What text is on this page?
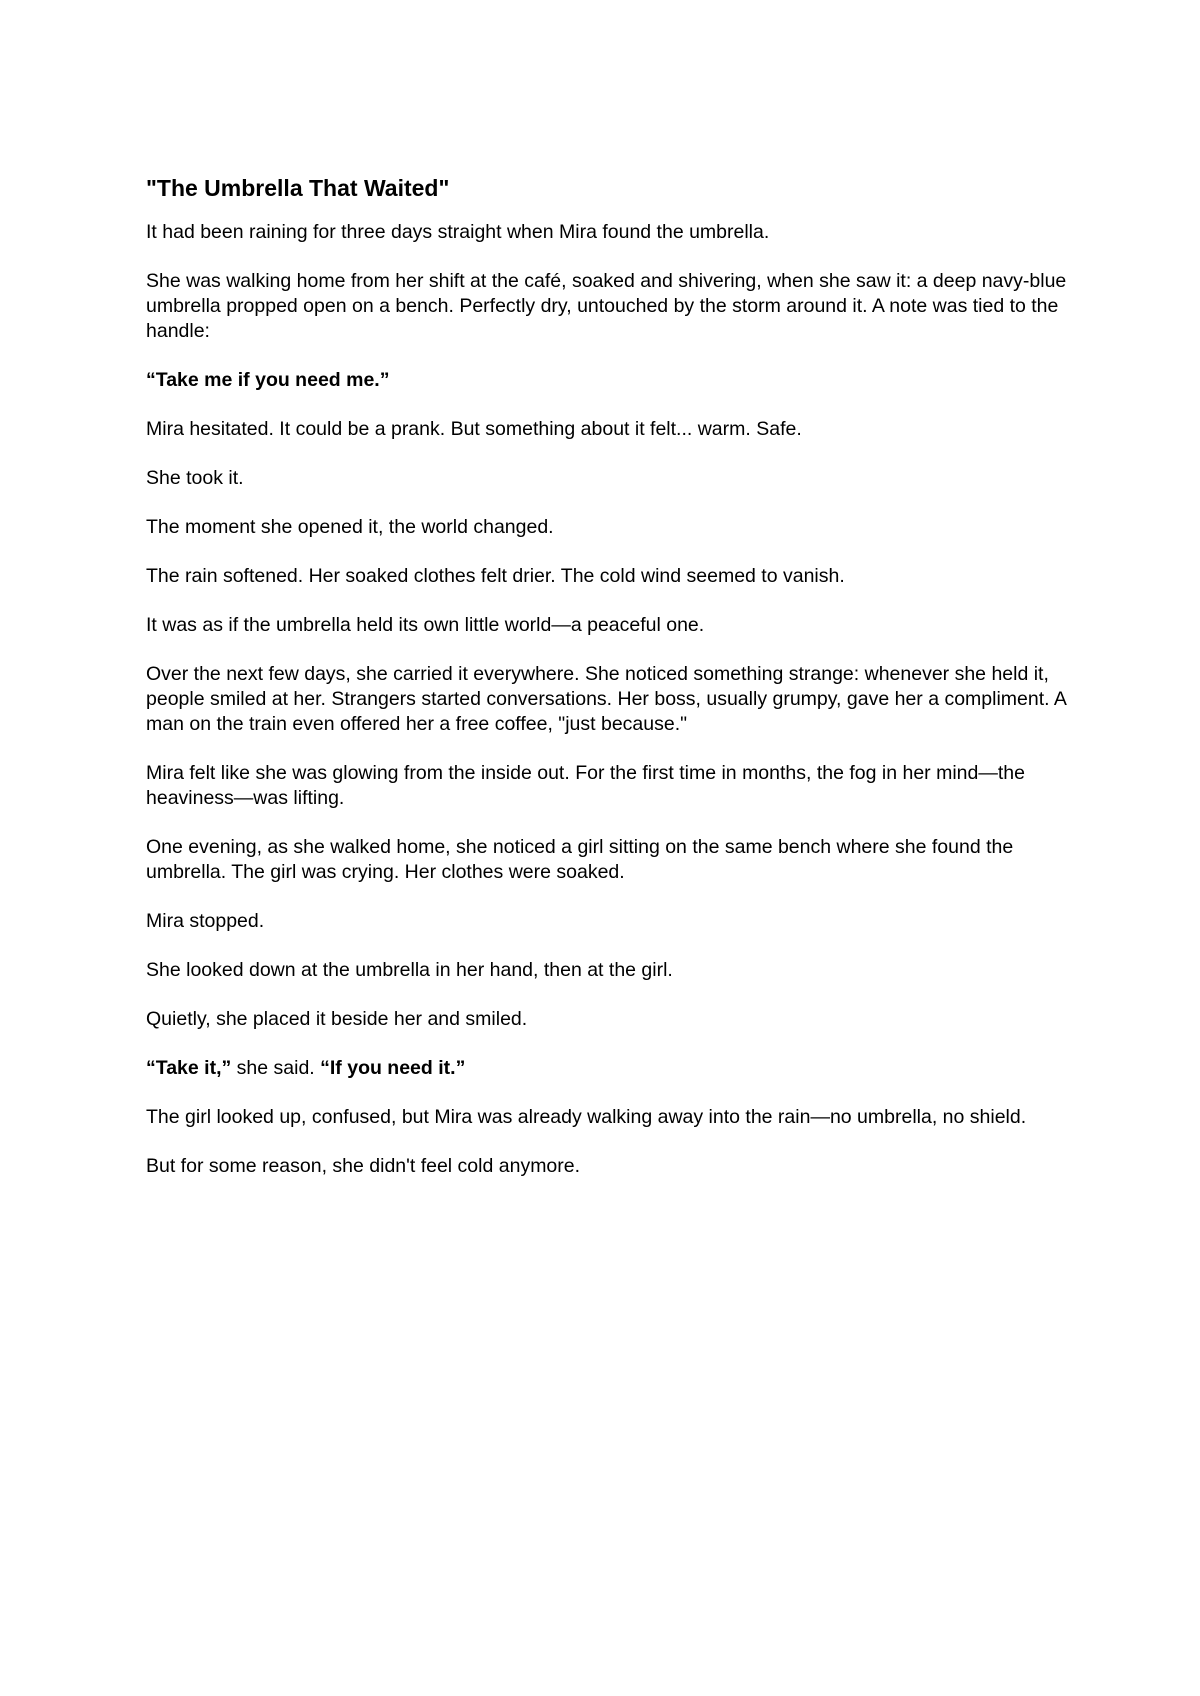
"The Umbrella That Waited"

It had been raining for three days straight when Mira found the umbrella.

She was walking home from her shift at the café, soaked and shivering, when she saw it: a deep navy-blue umbrella propped open on a bench. Perfectly dry, untouched by the storm around it. A note was tied to the handle:

“Take me if you need me.”

Mira hesitated. It could be a prank. But something about it felt... warm. Safe.

She took it.

The moment she opened it, the world changed.

The rain softened. Her soaked clothes felt drier. The cold wind seemed to vanish.

It was as if the umbrella held its own little world—a peaceful one.

Over the next few days, she carried it everywhere. She noticed something strange: whenever she held it, people smiled at her. Strangers started conversations. Her boss, usually grumpy, gave her a compliment. A man on the train even offered her a free coffee, "just because."

Mira felt like she was glowing from the inside out. For the first time in months, the fog in her mind—the heaviness—was lifting.

One evening, as she walked home, she noticed a girl sitting on the same bench where she found the umbrella. The girl was crying. Her clothes were soaked.

Mira stopped.

She looked down at the umbrella in her hand, then at the girl.

Quietly, she placed it beside her and smiled.

“Take it,” she said. “If you need it.”

The girl looked up, confused, but Mira was already walking away into the rain—no umbrella, no shield.

But for some reason, she didn't feel cold anymore.
